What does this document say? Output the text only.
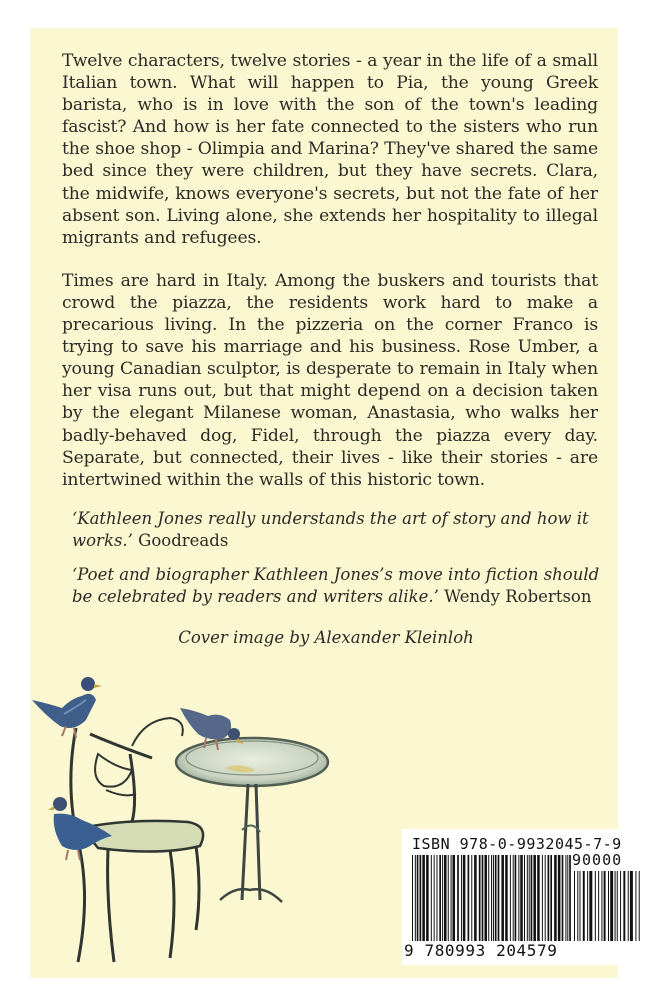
Twelve characters, twelve stories - a year in the life of a small Italian town. What will happen to Pia, the young Greek barista, who is in love with the son of the town's leading fascist? And how is her fate connected to the sisters who run the shoe shop - Olimpia and Marina? They've shared the same bed since they were children, but they have secrets. Clara, the midwife, knows everyone's secrets, but not the fate of her absent son. Living alone, she extends her hospitality to illegal migrants and refugees.

Times are hard in Italy. Among the buskers and tourists that crowd the piazza, the residents work hard to make a precarious living. In the pizzeria on the corner Franco is trying to save his marriage and his business. Rose Umber, a young Canadian sculptor, is desperate to remain in Italy when her visa runs out, but that might depend on a decision taken by the elegant Milanese woman, Anastasia, who walks her badly-behaved dog, Fidel, through the piazza every day. Separate, but connected, their lives - like their stories - are intertwined within the walls of this historic town.

‘Kathleen Jones really understands the art of story and how it works.’ Goodreads
‘Poet and biographer Kathleen Jones’s move into fiction should be celebrated by readers and writers alike.’ Wendy Robertson
Cover image by Alexander Kleinloh
ISBN 978-0-9932045-7-9
90000
9 780993 204579
